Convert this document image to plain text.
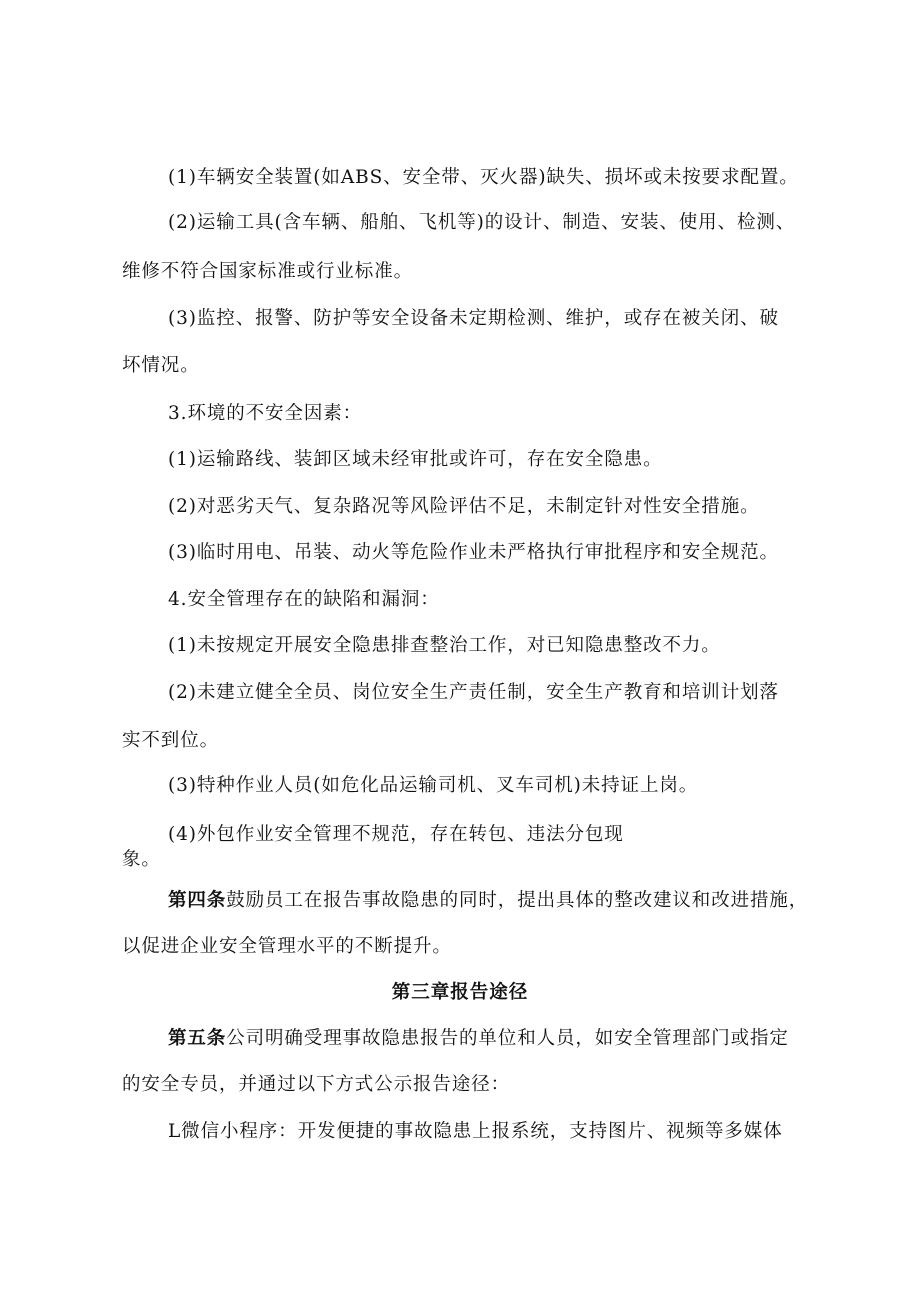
(1)车辆安全装置(如ABS、安全带、灭火器)缺失、损坏或未按要求配置。
(2)运输工具(含车辆、船舶、飞机等)的设计、制造、安装、使用、检测、
维修不符合国家标准或行业标准。
(3)监控、报警、防护等安全设备未定期检测、维护，或存在被关闭、破
坏情况。
3.环境的不安全因素：
(1)运输路线、装卸区域未经审批或许可，存在安全隐患。
(2)对恶劣天气、复杂路况等风险评估不足，未制定针对性安全措施。
(3)临时用电、吊装、动火等危险作业未严格执行审批程序和安全规范。
4.安全管理存在的缺陷和漏洞：
(1)未按规定开展安全隐患排查整治工作，对已知隐患整改不力。
(2)未建立健全全员、岗位安全生产责任制，安全生产教育和培训计划落
实不到位。
(3)特种作业人员(如危化品运输司机、叉车司机)未持证上岗。
(4)外包作业安全管理不规范，存在转包、违法分包现
象。
第四条鼓励员工在报告事故隐患的同时，提出具体的整改建议和改进措施，
以促进企业安全管理水平的不断提升。
第三章报告途径
第五条公司明确受理事故隐患报告的单位和人员，如安全管理部门或指定
的安全专员，并通过以下方式公示报告途径：
L微信小程序：开发便捷的事故隐患上报系统，支持图片、视频等多媒体
